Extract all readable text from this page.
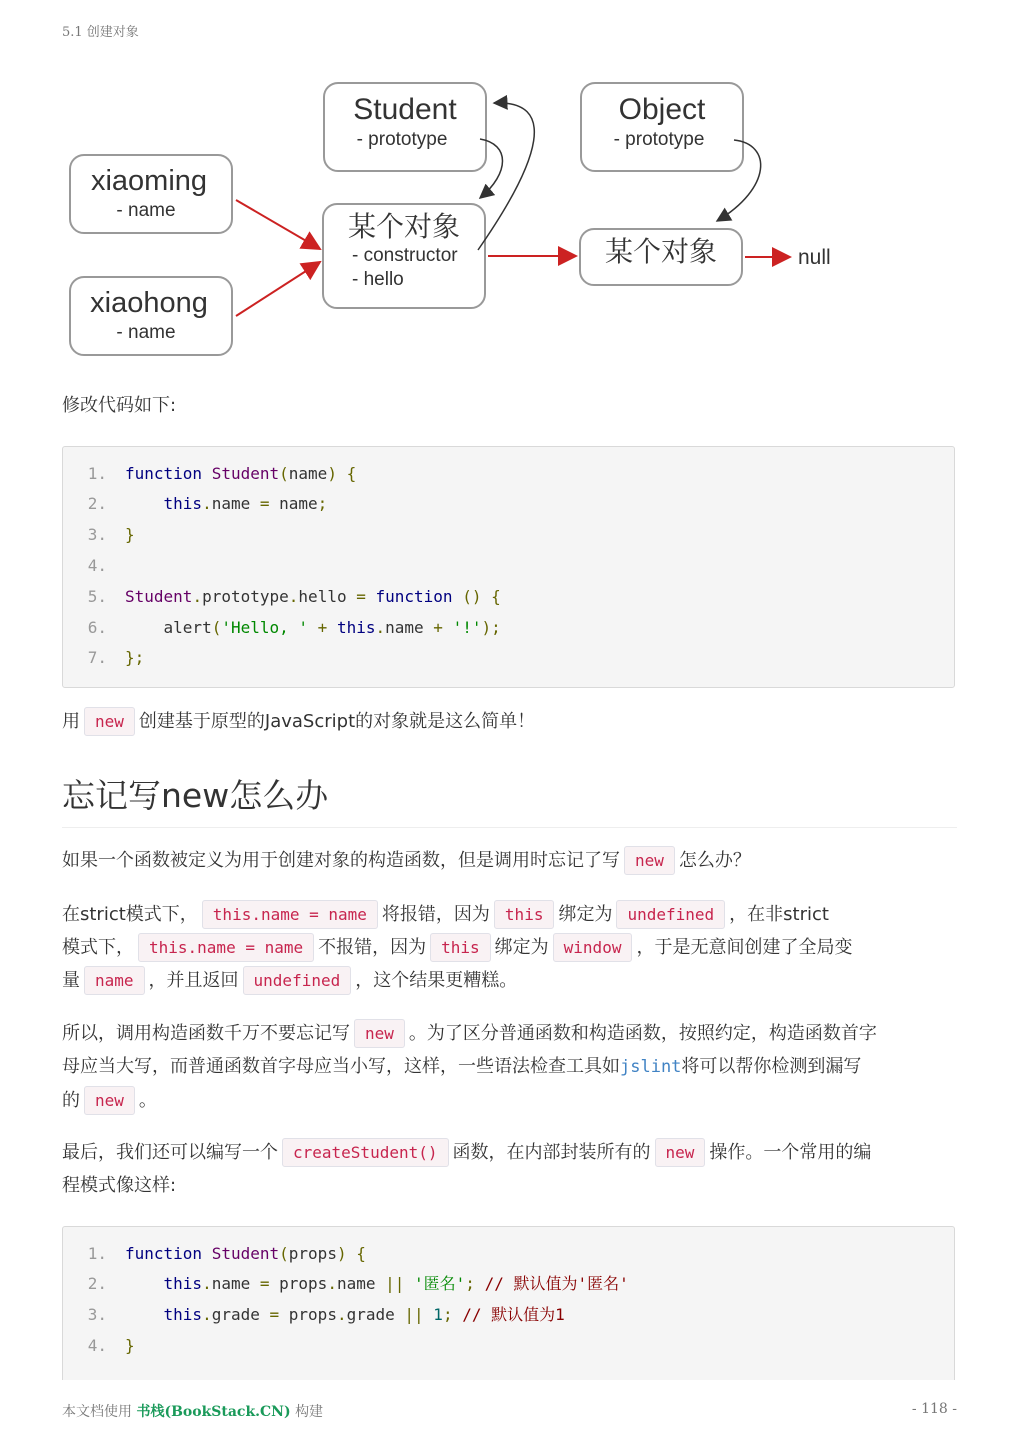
5.1 创建对象
Student
- prototype
Object
- prototype
xiaoming
- name
xiaohong
- name
某个对象
- constructor
- hello
某个对象	null
修改代码如下:
1. function Student(name) {
2.	this.name = name;
3. }
4.
5. Student.prototype.hello = function () {
6.	alert('Hello, ' + this.name + '!');
7. };
用 new 创建基于原型的JavaScript的对象就是这么简单！
忘记写new怎么办
如果一个函数被定义为用于创建对象的构造函数，但是调用时忘记了写 new 怎么办？
在strict模式下， this.name = name 将报错，因为 this 绑定为 undefined ，在非strict
模式下， this.name = name 不报错，因为 this 绑定为 window ，于是无意间创建了全局变
量 name ，并且返回 undefined ，这个结果更糟糕。
所以，调用构造函数千万不要忘记写 new 。为了区分普通函数和构造函数，按照约定，构造函数首字
母应当大写，而普通函数首字母应当小写，这样，一些语法检查工具如jslint将可以帮你检测到漏写
的 new 。
最后，我们还可以编写一个 createStudent() 函数，在内部封装所有的 new 操作。一个常用的编
程模式像这样:
1. function Student(props) {
2.	this.name = props.name || '匿名'; // 默认值为'匿名'
3.	this.grade = props.grade || 1; // 默认值为1
4. }
本文档使用 书栈(BookStack.CN) 构建	- 118 -
